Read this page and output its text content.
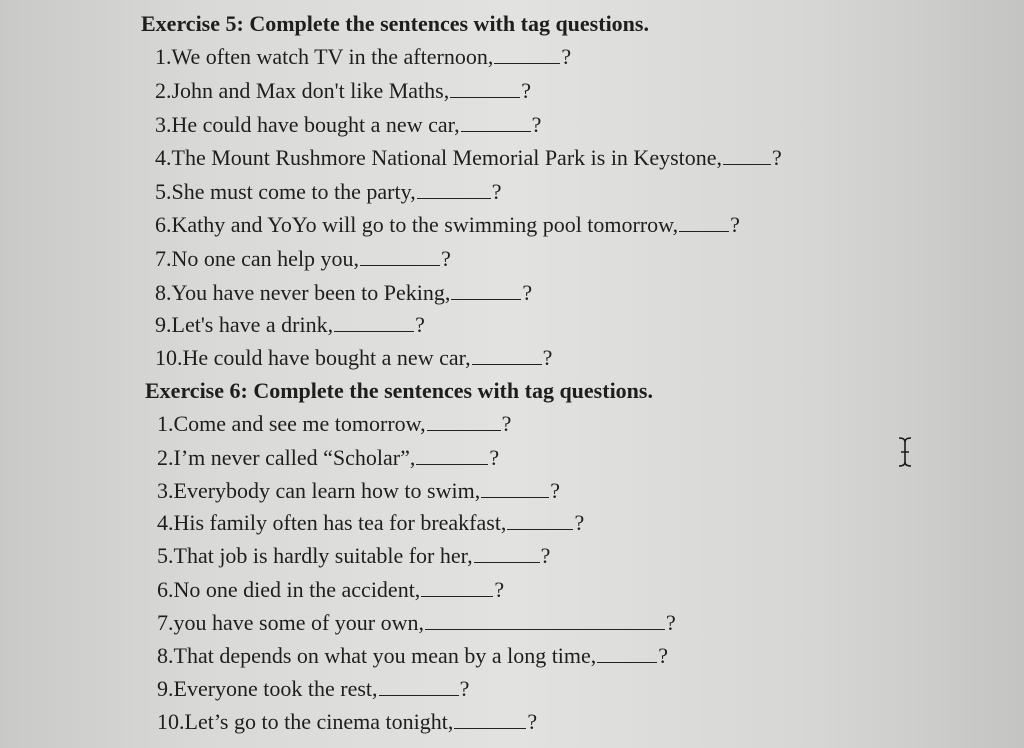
Exercise 5: Complete the sentences with tag questions.
1.We often watch TV in the afternoon,	?
2.John and Max don't like Maths,	?
3.He could have bought a new car,	?
4.The Mount Rushmore National Memorial Park is in Keystone, ?
5.She must come to the party,	?
6.Kathy and YoYo will go to the swimming pool tomorrow, ?
7.No one can help you,	?
8.You have never been to Peking,	?
9.Let's have a drink,	?
10.He could have bought a new car,	?
Exercise 6: Complete the sentences with tag questions.
1.Come and see me tomorrow,	?
2.I’m never called “Scholar”,	?
3.Everybody can learn how to swim,	?
4.His family often has tea for breakfast,	?
5.That job is hardly suitable for her,	?
6.No one died in the accident,	?
7.you have some of your own,	?
8.That depends on what you mean by a long time,	?
9.Everyone took the rest,	?
10.Let’s go to the cinema tonight,	?
